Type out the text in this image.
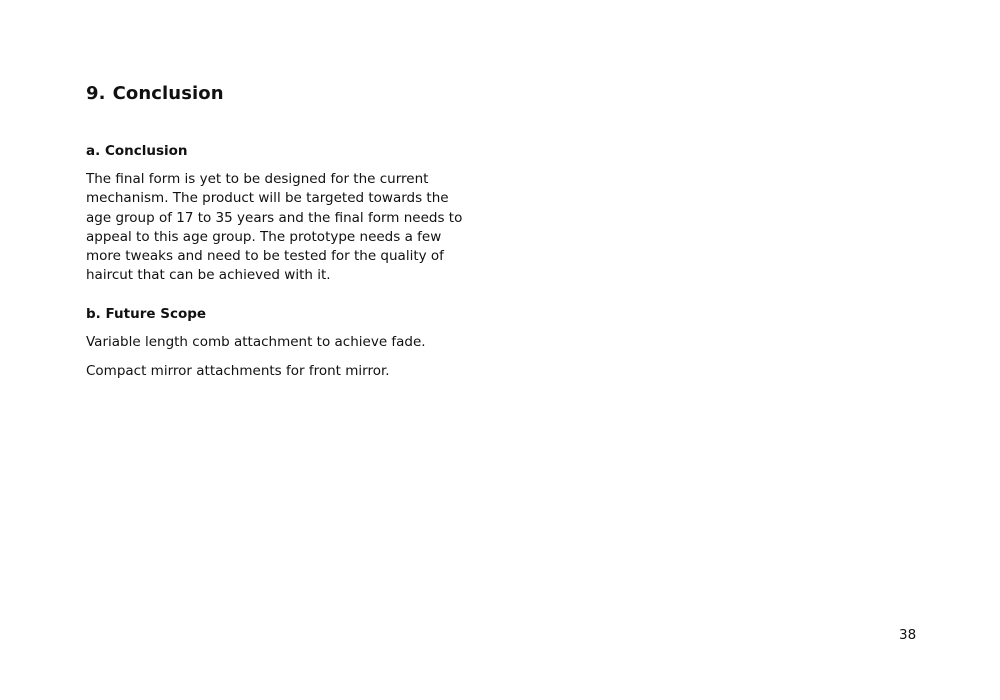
9. Conclusion
a. Conclusion

The final form is yet to be designed for the current mechanism. The product will be targeted towards the age group of 17 to 35 years and the final form needs to appeal to this age group. The prototype needs a few more tweaks and need to be tested for the quality of haircut that can be achieved with it.

b. Future Scope

Variable length comb attachment to achieve fade.

Compact mirror attachments for front mirror.

38
